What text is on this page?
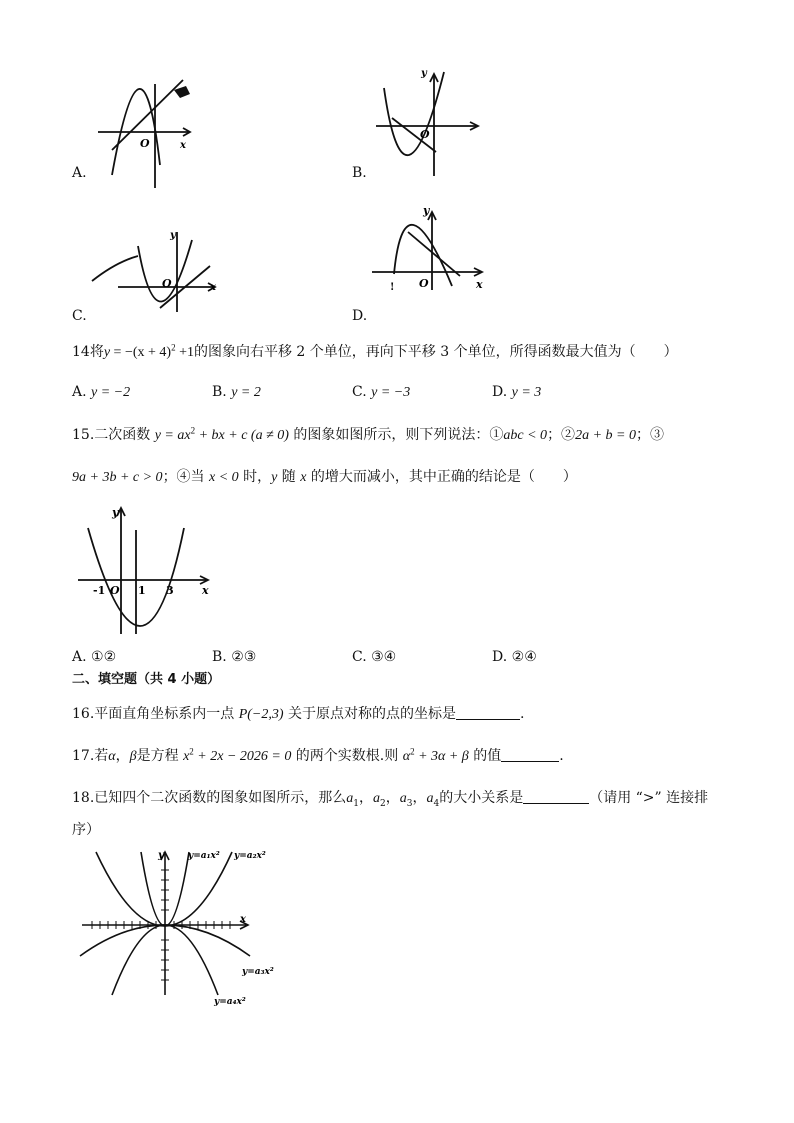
O	x
A.
O
y
B.
O
y
x
C.
O
y
x
!
D.
14将$y = -(x + 4)^2 +1$的图象向右平移 2 个单位，再向下平移 3 个单位，所得函数最大值为（　　）
A. y = −2	B. y = 2	C. y = −3	D. y = 3
15.二次函数 $y = ax^2$ + bx + c (a ≠ 0) 的图象如图所示，则下列说法：①abc < 0；②2a + b = 0；③
9a + 3b + c > 0；④当 x < 0 时，y 随 x 的增大而减小，其中正确的结论是（　　）
y
x
-1 O 1 3
A. ①②	B. ②③	C. ③④	D. ②④
二、填空题（共 4 小题）
16.平面直角坐标系内一点 P(−2,3) 关于原点对称的点的坐标是	.
17.若α，β是方程 $x^2 + 2x - 2026 = 0$ 的两个实数根.则 $\alpha^2 + 3\alpha + \beta$ 的值	.
18.已知四个二次函数的图象如图所示，那么$a_1$，$a_2$，$a_3$，$a_4$的大小关系是	（请用 “>” 连接排
序）
y
x
y=a₁x² y=a₂x²
y=a₃x²
y=a₄x²
